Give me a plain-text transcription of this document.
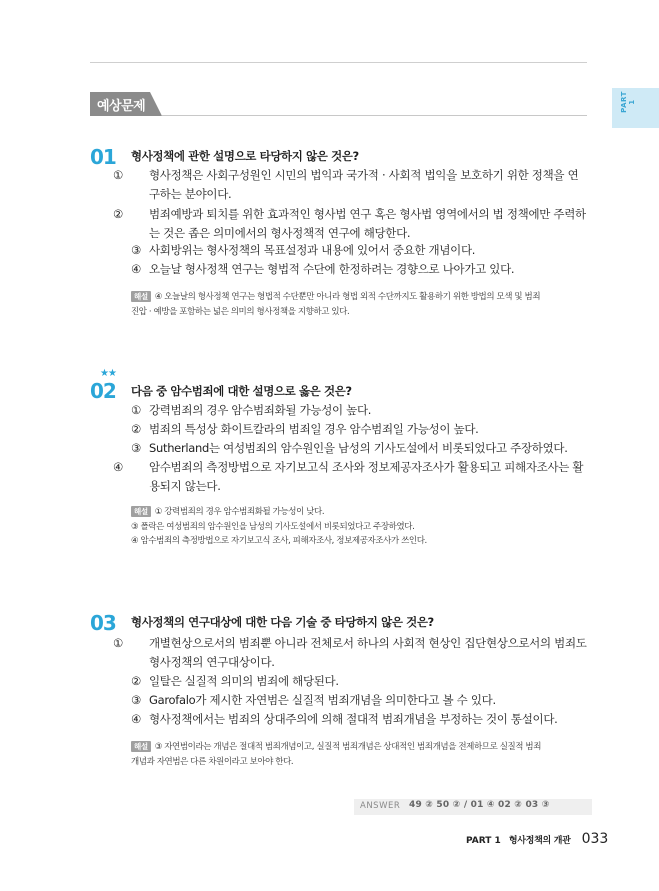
예상문제	PART 1
01 형사정책에 관한 설명으로 타당하지 않은 것은?
① 형사정책은 사회구성원인 시민의 법익과 국가적 · 사회적 법익을 보호하기 위한 정책을 연구하는 분야이다.
② 범죄예방과 퇴치를 위한 효과적인 형사법 연구 혹은 형사법 영역에서의 법 정책에만 주력하는 것은 좁은 의미에서의 형사정책적 연구에 해당한다.
③ 사회방위는 형사정책의 목표설정과 내용에 있어서 중요한 개념이다.
④ 오늘날 형사정책 연구는 형법적 수단에 한정하려는 경향으로 나아가고 있다.
해설 ④ 오늘날의 형사정책 연구는 형법적 수단뿐만 아니라 형법 외적 수단까지도 활용하기 위한 방법의 모색 및 범죄
진압 · 예방을 포함하는 넓은 의미의 형사정책을 지향하고 있다.
★★
02 다음 중 암수범죄에 대한 설명으로 옳은 것은?
① 강력범죄의 경우 암수범죄화될 가능성이 높다.
② 범죄의 특성상 화이트칼라의 범죄일 경우 암수범죄일 가능성이 높다.
③ Sutherland는 여성범죄의 암수원인을 남성의 기사도설에서 비롯되었다고 주장하였다.
④ 암수범죄의 측정방법으로 자기보고식 조사와 정보제공자조사가 활용되고 피해자조사는 활용되지 않는다.
해설 ① 강력범죄의 경우 암수범죄화될 가능성이 낮다.
③ 폴락은 여성범죄의 암수원인을 남성의 기사도설에서 비롯되었다고 주장하였다.
④ 암수범죄의 측정방법으로 자기보고식 조사, 피해자조사, 정보제공자조사가 쓰인다.
03 형사정책의 연구대상에 대한 다음 기술 중 타당하지 않은 것은?
① 개별현상으로서의 범죄뿐 아니라 전체로서 하나의 사회적 현상인 집단현상으로서의 범죄도 형사정책의 연구대상이다.
② 일탈은 실질적 의미의 범죄에 해당된다.
③ Garofalo가 제시한 자연범은 실질적 범죄개념을 의미한다고 볼 수 있다.
④ 형사정책에서는 범죄의 상대주의에 의해 절대적 범죄개념을 부정하는 것이 통설이다.
해설 ③ 자연범이라는 개념은 절대적 범죄개념이고, 실질적 범죄개념은 상대적인 범죄개념을 전제하므로 실질적 범죄
개념과 자연범은 다른 차원이라고 보아야 한다.
ANSWER 49 ② 50 ② / 01 ④ 02 ② 03 ③
PART 1 형사정책의 개관 033
